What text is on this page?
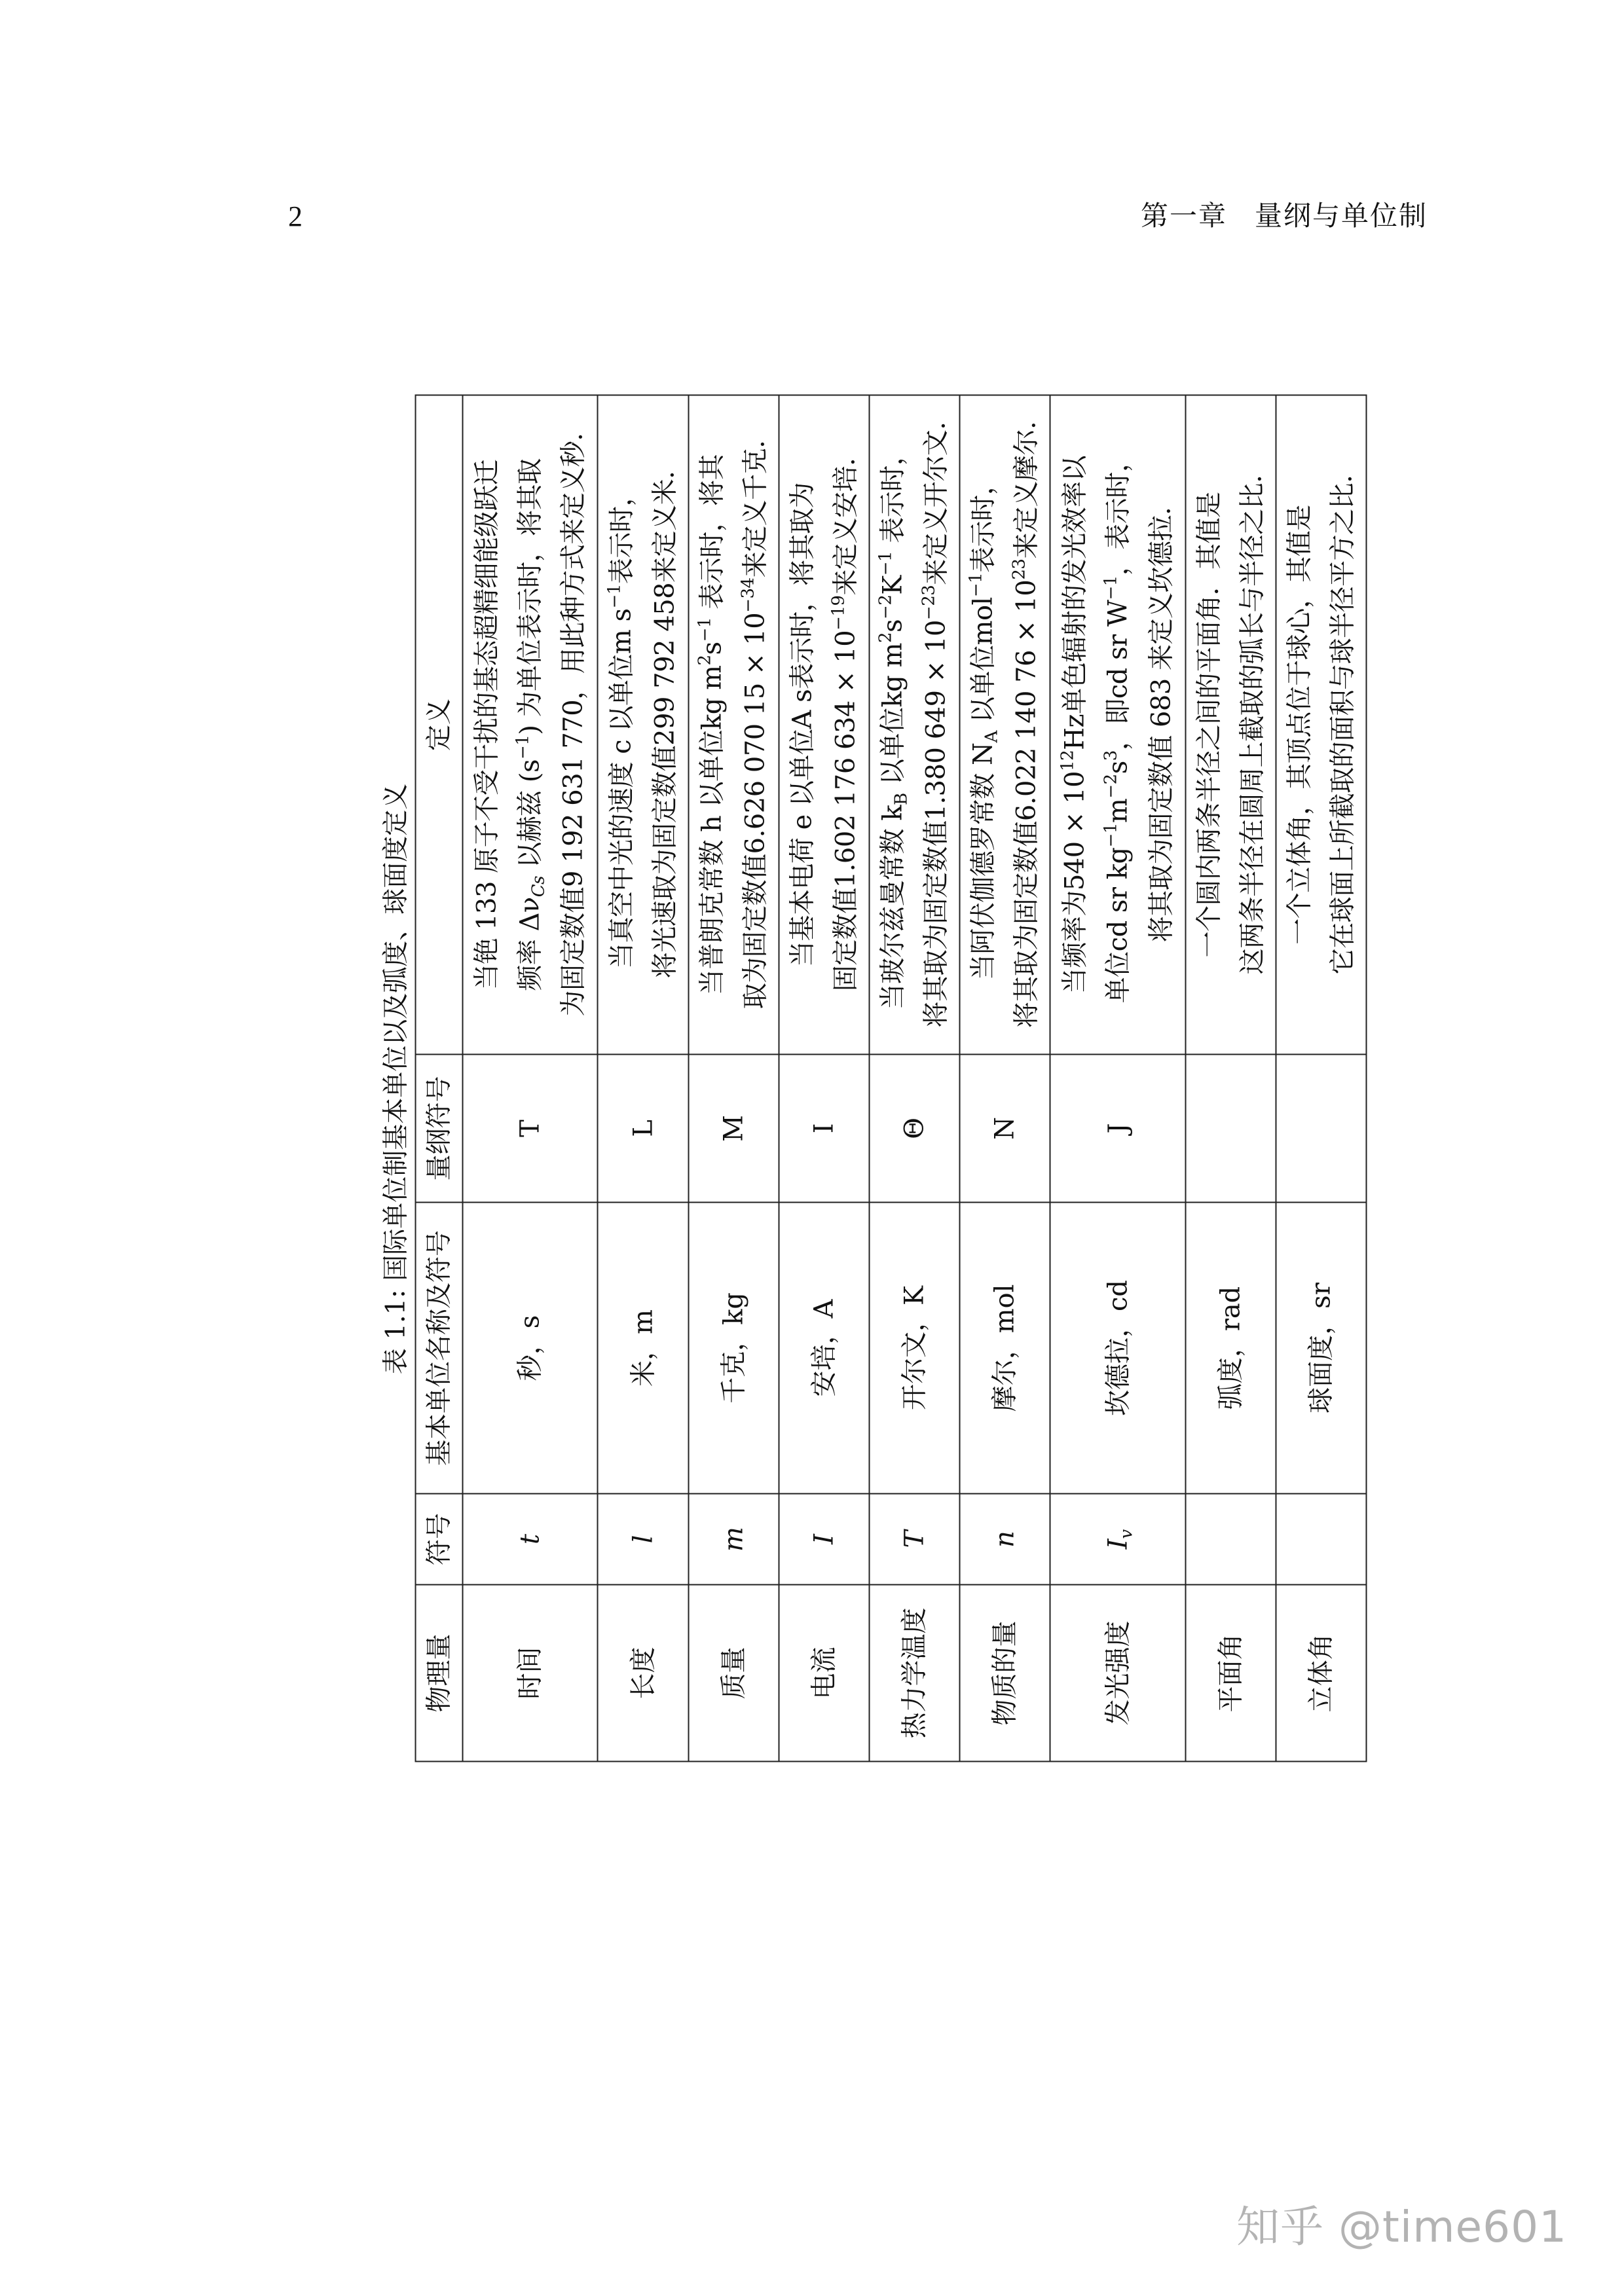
2	第一章 量纲与单位制
表 1.1: 国际单位制基本单位以及弧度、球面度定义
物理量	符号	基本单位名称及符号	量纲符号	定义
时间	t	秒，s	T	当铯 133 原子不受干扰的基态超精细能级跃迁 频率 $\Delta\nu_{Cs}$ 以赫兹 $(s^{-1})$ 为单位表示时，将其取 为固定数值9 192 631 770，用此种方式来定义秒.

长度	l	米，m	L	当真空中光的速度 c 以单位m $s^{-1}$表示时， 将光速取为固定数值299 792 458来定义米.

质量	m	千克，kg	M	当普朗克常数 h 以单位kg $m^2s^{-1}$ 表示时，将其
取为固定数值6.626 070 $15 \times 10^{-34}$来定义千克.

电流	I	安培，A	I	当基本电荷 e 以单位A s表示时，将其取为 固定数值1.602 176 $634 \times 10^{-19}$来定义安培.

热力学温度	T	开尔文，K	Θ	当玻尔兹曼常数 $k_B$ 以单位kg $m^2s^{-2}K^{-1}$ 表示时，
将其取为固定数值1.380 $649 \times 10^{-23}$来定义开尔文.

物质的量	n	摩尔，mol	N	当阿伏伽德罗常数 $N_A$ 以单位mol$^{-1}$表示时，
将其取为固定数值6.022 140 $76 \times 10^{23}$来定义摩尔.

发光强度	$I_v$	坎德拉，cd	J	当频率为$540 \times 10^{12}Hz$单色辐射的发光效率以
单位cd sr $kg^{-1}m^{-2}s^3$，即cd sr $W^{-1}$，表示时， 将其取为固定数值 683 来定义坎德拉.

平面角		弧度，rad		一个圆内两条半径之间的平面角．其值是 这两条半径在圆周上截取的弧长与半径之比.

立体角		球面度，sr		一个立体角，其顶点位于球心，其值是 它在球面上所截取的面积与球半径平方之比.
知乎 @time601
